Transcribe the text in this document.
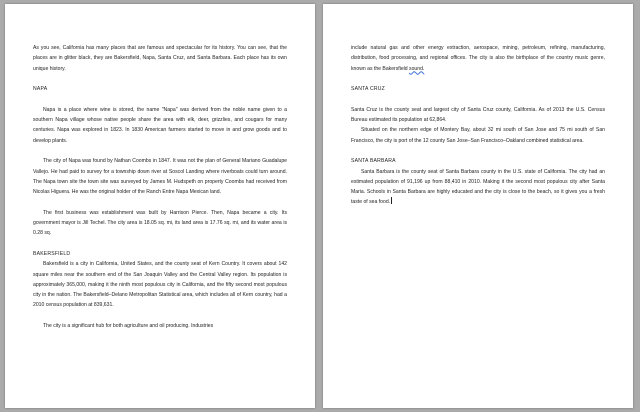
As you see, California has many places that are famous and spectacular for its history. You can see, that the places are in glitter black, they are Bakersfield, Napa, Santa Cruz, and Santa Barbara. Each place has its own unique history.

NAPA

Napa is a place where wine is stored, the name "Napa" was derived from the noble name given to a southern Napa village whose native people share the area with elk, deer, grizzlies, and cougars for many centuries. Napa was explored in 1823. In 1830 American farmers started to move in and grow goods and to develop plants.

The city of Napa was found by Nathan Coombs in 1847. It was not the plan of General Mariano Guadalupe Vallejo. He had paid to survey for a township down river at Soscol Landing where riverboats could turn around. The Napa town site the town site was surveyed by James M. Hudspeth on property Coombs had received from Nicolas Higuera. He was the original holder of the Ranch Entre Napa Mexican land.

The first business was establishment was built by Harrison Pierce. Then, Napa became a city. Its government mayor is Jill Techel. The city area is 18.05 sq. mi, its land area is 17.76 sq. mi, and its water area is 0.28 sq.

BAKERSFIELD

Bakersfield is a city in California, United States, and the county seat of Kern Country. It covers about 142 square miles near the southern end of the San Joaquin Valley and the Central Valley region. Its population is approximately 365,000, making it the ninth most populous city in California, and the fifty second most populous city in the nation. The Bakersfield–Delano Metropolitan Statistical area, which includes all of Kern country, had a 2010 census population at 839,631.

The city is a significant hub for both agriculture and oil producing. Industries

include natural gas and other energy extraction, aerospace, mining, petroleum, refining, manufacturing, distribution, food processing, and regional offices. The city is also the birthplace of the country music genre, known as the Bakersfield sound.

SANTA CRUZ

Santa Cruz is the county seat and largest city of Santa Cruz county, California. As of 2013 the U.S. Census Bureau estimated its population at 62,864.

Situated on the northern edge of Montery Bay, about 32 mi south of San Jose and 75 mi south of San Francisco, the city is port of the 12 county San Jose–San Francisco–Oakland combined statistical area.

SANTA BARBARA

Santa Barbara is the county seat of Santa Barbara county in the U.S. state of California. The city had an estimated population of 91,196 up from 88,410 in 2010. Making it the second most populous city after Santa Maria. Schools in Santa Barbara are highly educated and the city is close to the beach, so it gives you a fresh taste of sea food.
